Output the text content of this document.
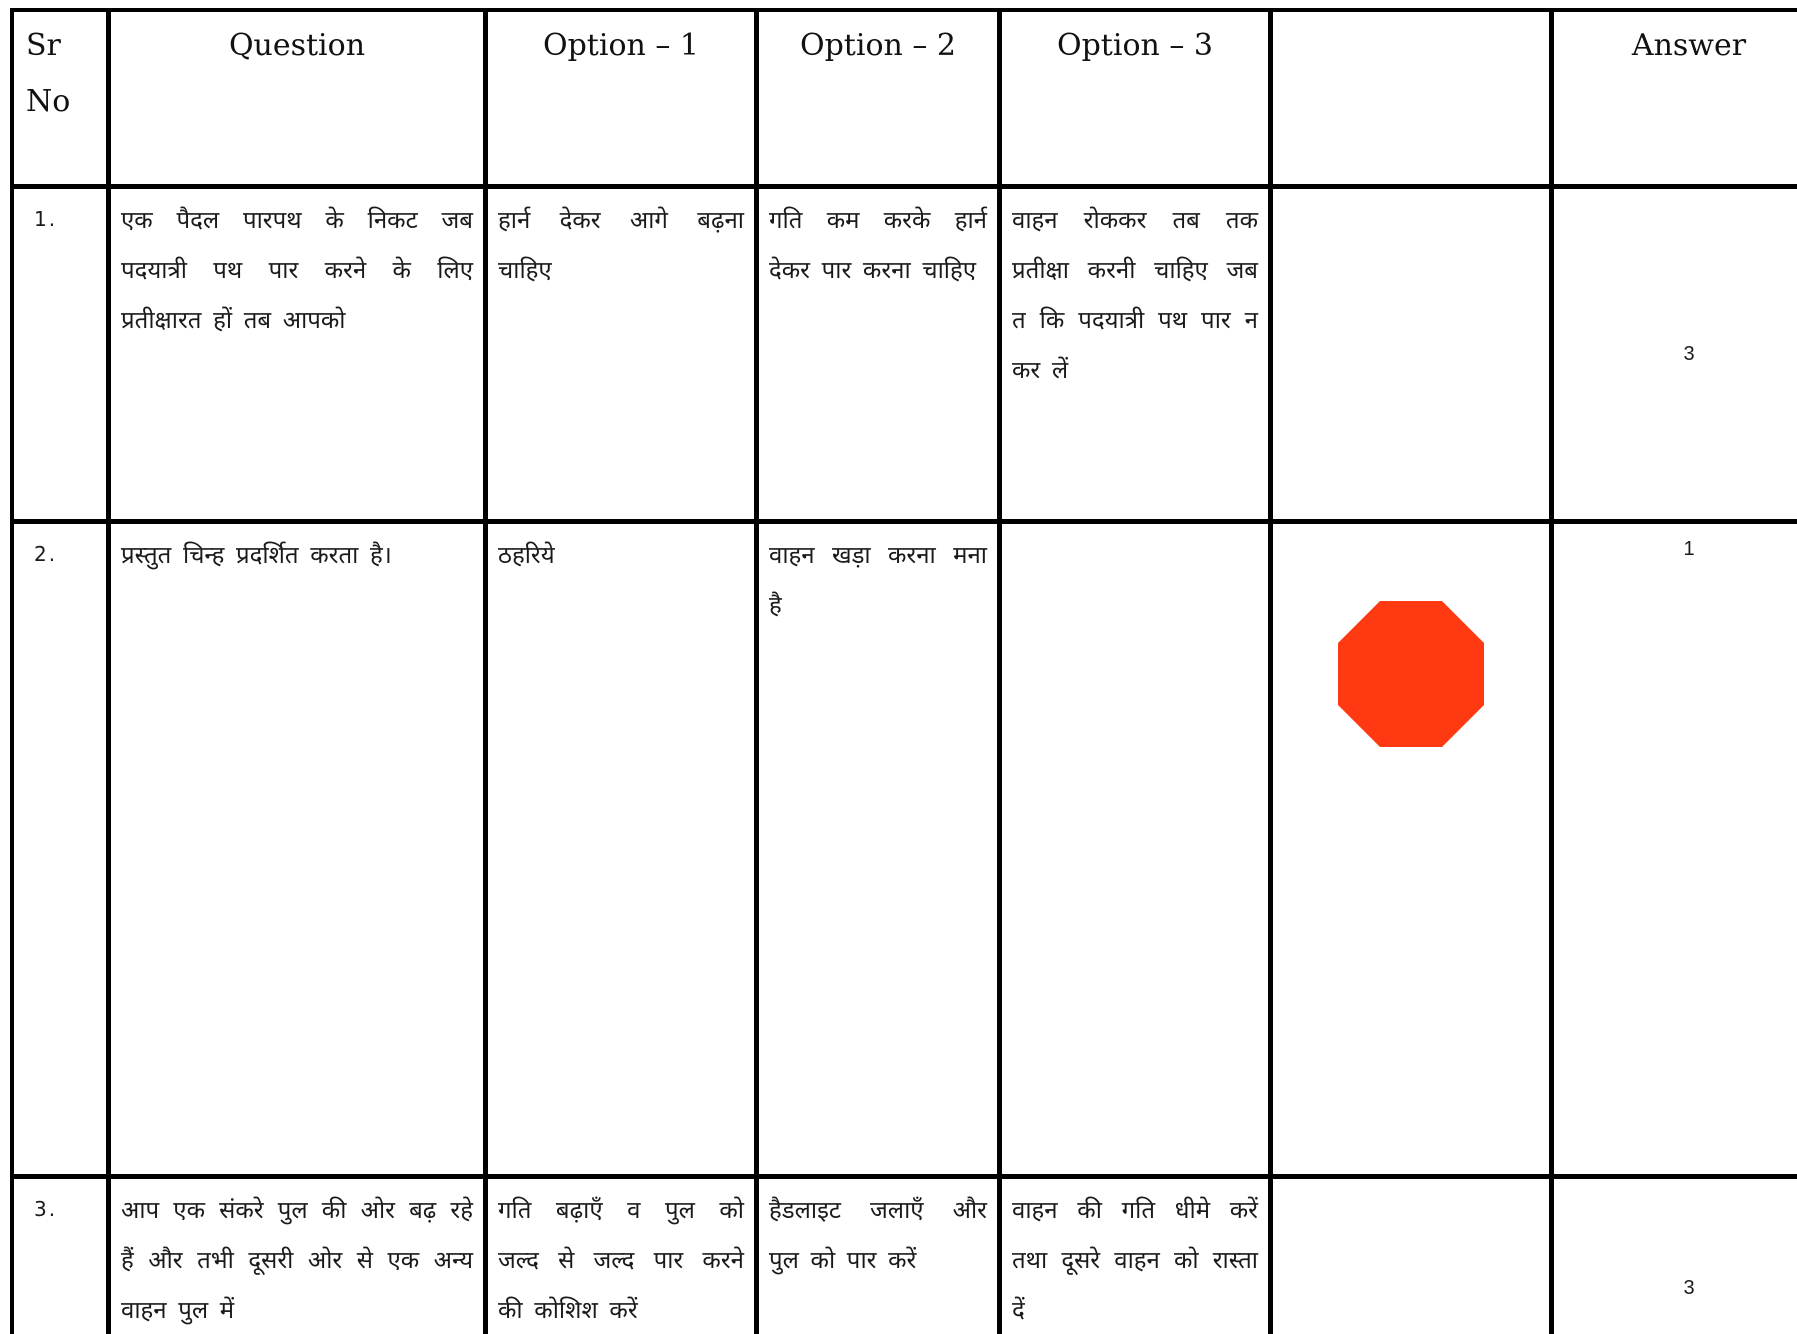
Sr
No	Question	Option – 1	Option – 2	Option – 3		Answer
1.	एक पैदल पारपथ के निकट जब पदयात्री पथ पार करने के लिए प्रतीक्षारत हों तब आपको	हार्न देकर आगे बढ़ना चाहिए	गति कम करके हार्न देकर पार करना चाहिए	वाहन रोककर तब तक प्रतीक्षा करनी चाहिए जब त कि पदयात्री पथ पार न कर लें		3
2.	प्रस्तुत चिन्ह प्रदर्शित करता है।	ठहरिये	वाहन खड़ा करना मना है			1
3.	आप एक संकरे पुल की ओर बढ़ रहे हैं और तभी दूसरी ओर से एक अन्य वाहन पुल में	गति बढ़ाएँ व पुल को जल्द से जल्द पार करने की कोशिश करें	हैडलाइट जलाएँ और पुल को पार करें	वाहन की गति धीमे करें तथा दूसरे वाहन को रास्ता दें		3
